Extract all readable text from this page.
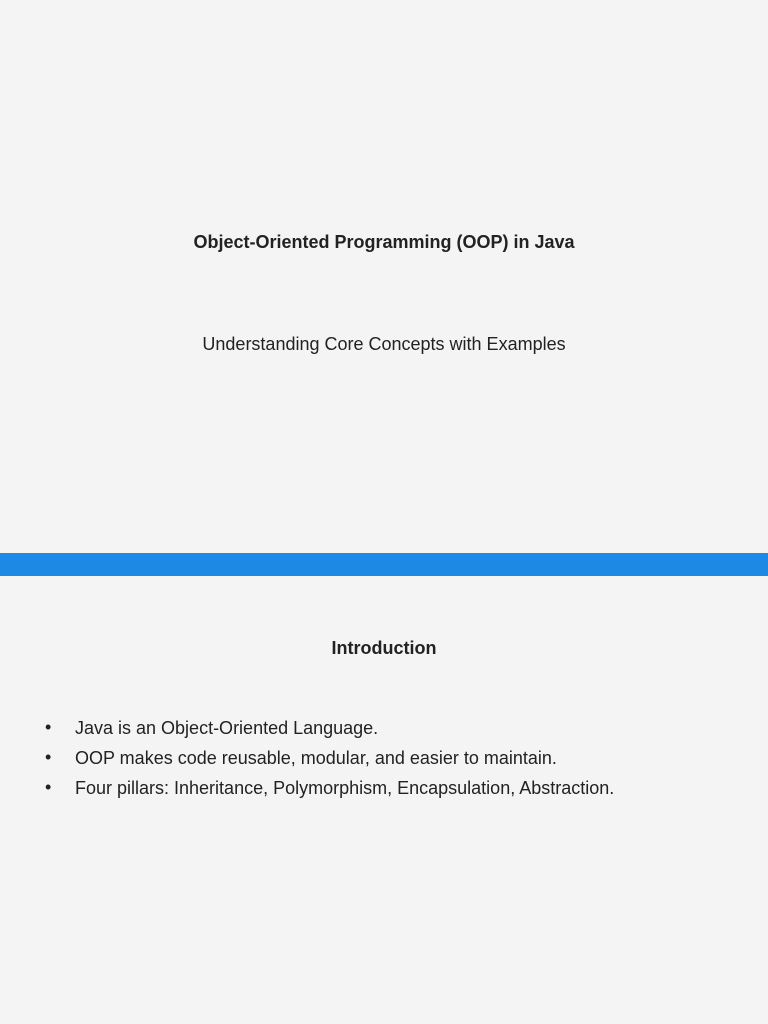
Object-Oriented Programming (OOP) in Java

Understanding Core Concepts with Examples

Introduction
• Java is an Object-Oriented Language.
• OOP makes code reusable, modular, and easier to maintain.
• Four pillars: Inheritance, Polymorphism, Encapsulation, Abstraction.
